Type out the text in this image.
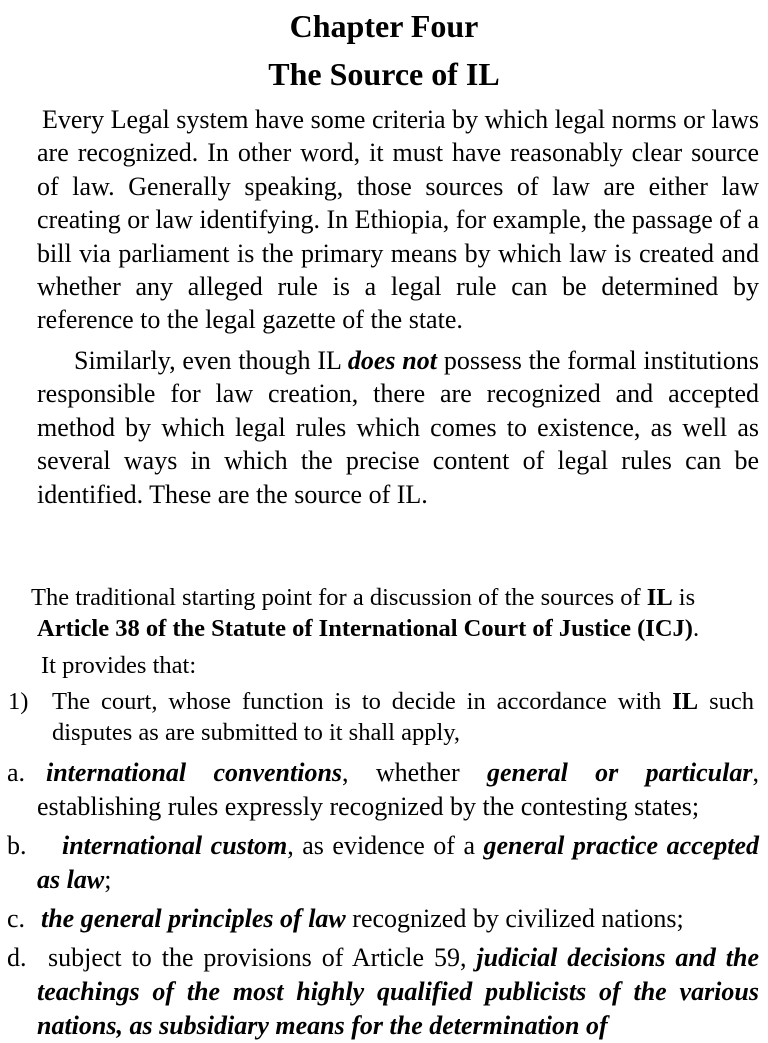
Chapter Four
The Source of IL
Every Legal system have some criteria by which legal norms or laws are recognized. In other word, it must have reasonably clear source of law. Generally speaking, those sources of law are either law creating or law identifying. In Ethiopia, for example, the passage of a bill via parliament is the primary means by which law is created and whether any alleged rule is a legal rule can be determined by reference to the legal gazette of the state.
Similarly, even though IL does not possess the formal institutions responsible for law creation, there are recognized and accepted method by which legal rules which comes to existence, as well as several ways in which the precise content of legal rules can be identified. These are the source of IL.
The traditional starting point for a discussion of the sources of IL is
Article 38 of the Statute of International Court of Justice (ICJ).
It provides that:
1) The court, whose function is to decide in accordance with IL such disputes as are submitted to it shall apply,
a. international conventions, whether general or particular, establishing rules expressly recognized by the contesting states;
b.	international custom, as evidence of a general practice accepted as law;
c. the general principles of law recognized by civilized nations;
d. subject to the provisions of Article 59, judicial decisions and the teachings of the most highly qualified publicists of the various nations, as subsidiary means for the determination of
